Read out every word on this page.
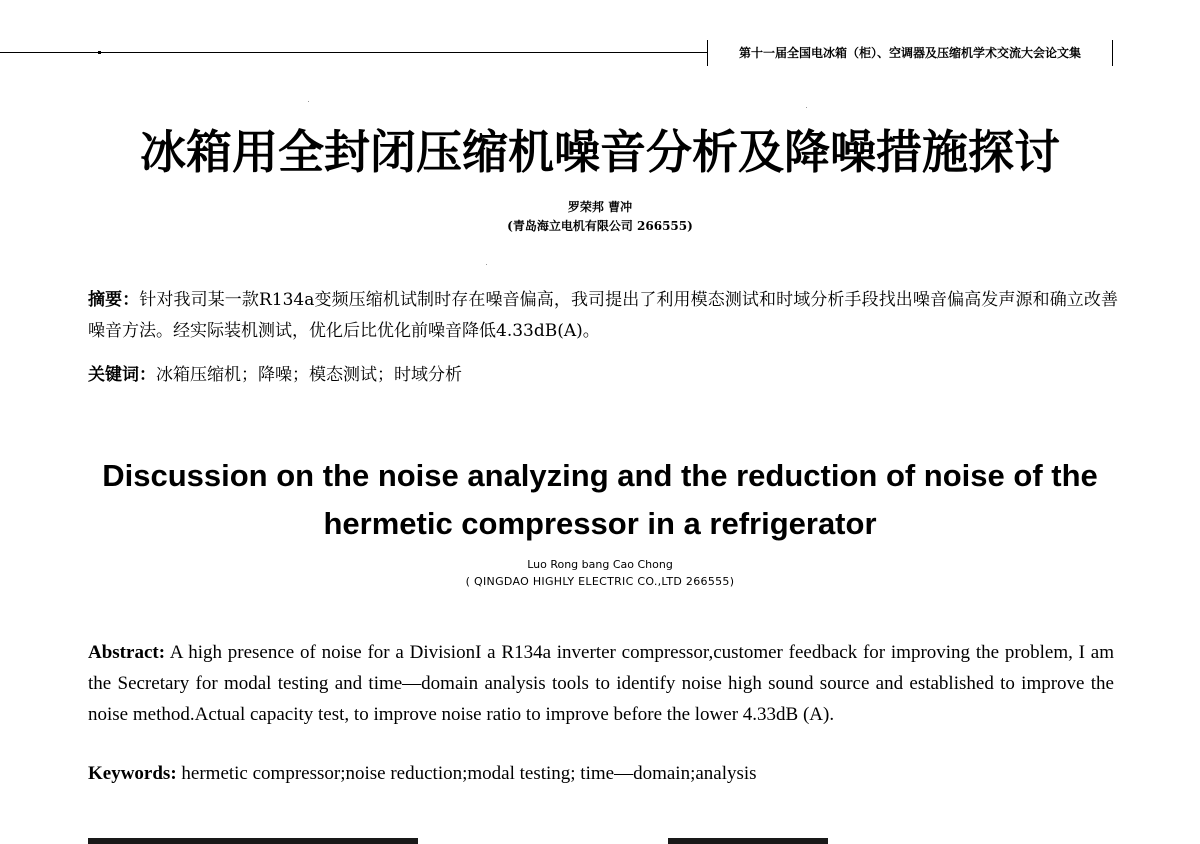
第十一届全国电冰箱（柜）、空调器及压缩机学术交流大会论文集
冰箱用全封闭压缩机噪音分析及降噪措施探讨
罗荣邦 曹冲
(青岛海立电机有限公司 266555)
摘要：针对我司某一款R134a变频压缩机试制时存在噪音偏高，我司提出了利用模态测试和时域分析手段找出噪音偏高发声源和确立改善噪音方法。经实际装机测试，优化后比优化前噪音降低4.33dB(A)。
关键词：冰箱压缩机；降噪；模态测试；时域分析
Discussion on the noise analyzing and the reduction of noise of the hermetic compressor in a refrigerator
Luo Rong bang Cao Chong
( QINGDAO HIGHLY ELECTRIC CO.,LTD 266555)
Abstract: A high presence of noise for a DivisionI a R134a inverter compressor,customer feedback for improving the problem, I am the Secretary for modal testing and time—domain analysis tools to identify noise high sound source and established to improve the noise method.Actual capacity test, to improve noise ratio to improve before the lower 4.33dB (A).
Keywords: hermetic compressor;noise reduction;modal testing; time—domain;analysis
